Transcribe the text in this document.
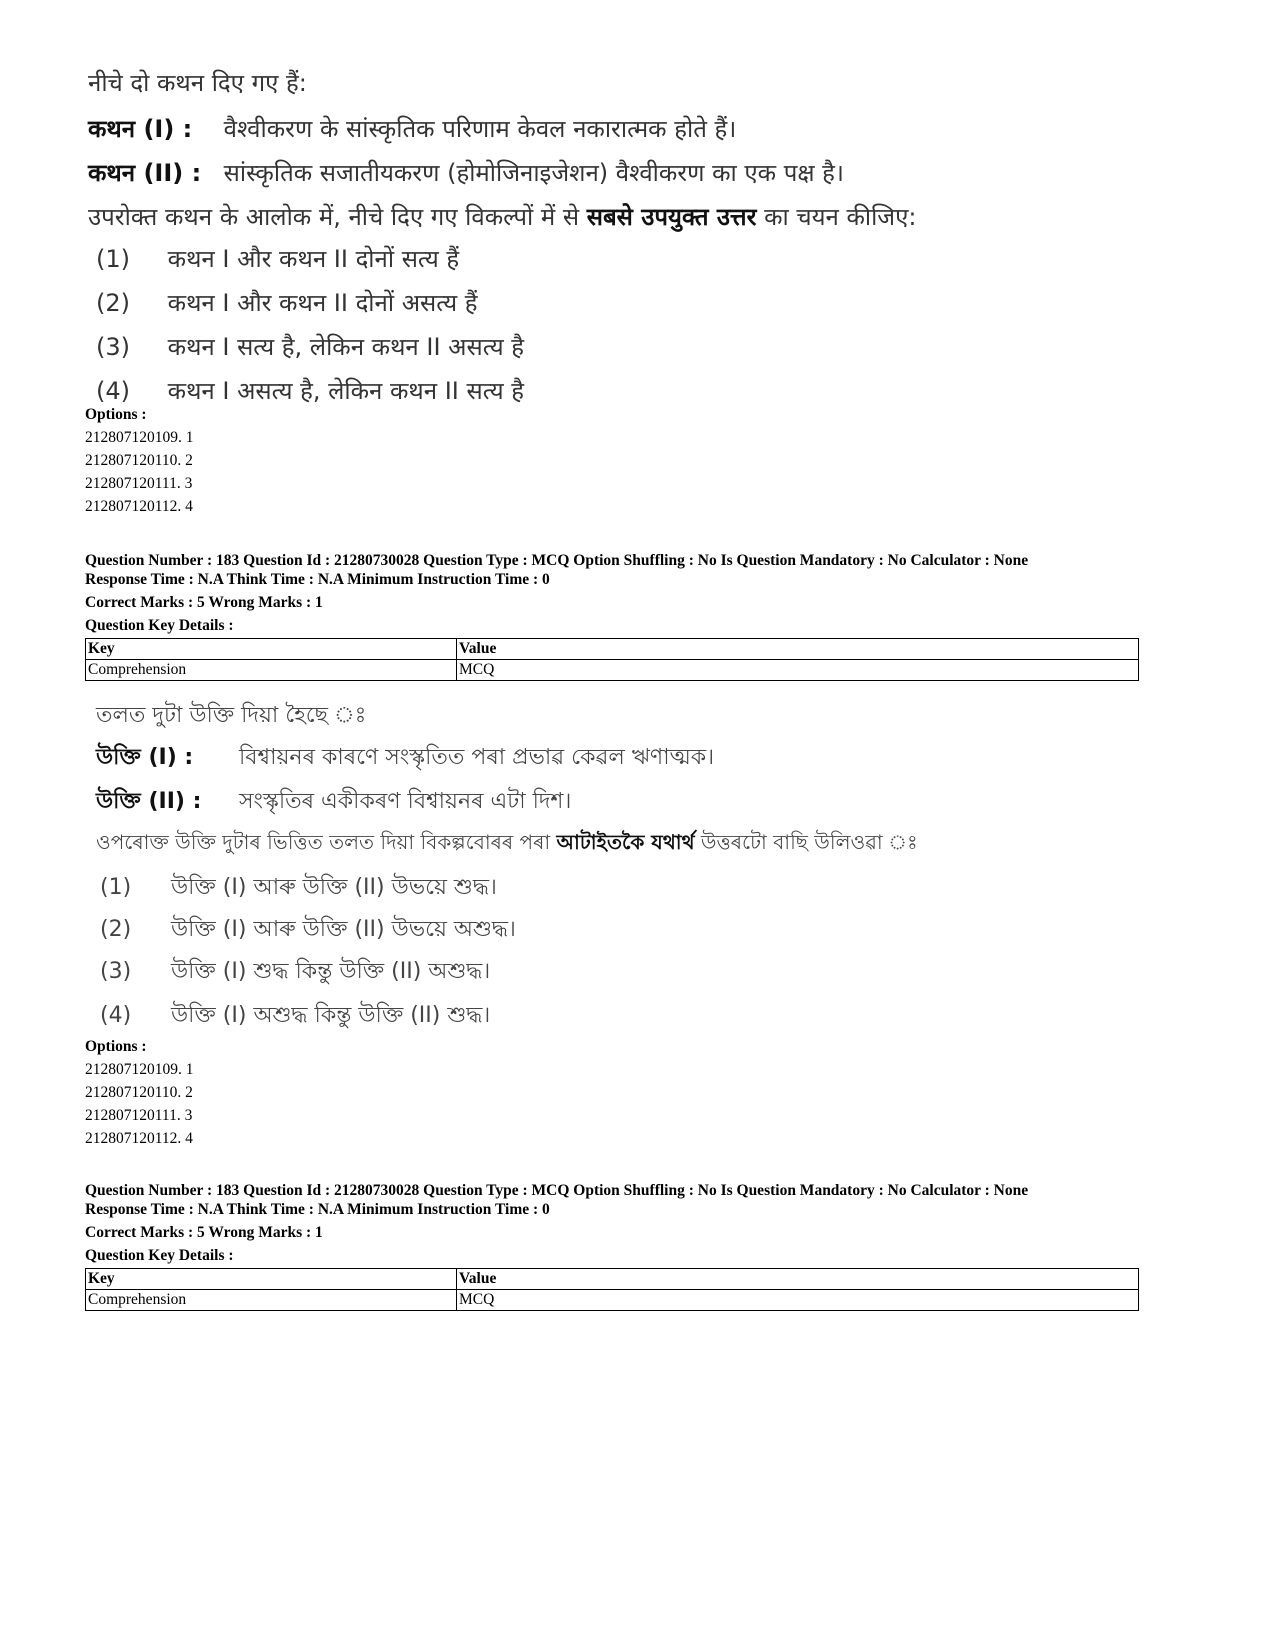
नीचे दो कथन दिए गए हैं:
कथन (I) : वैश्वीकरण के सांस्कृतिक परिणाम केवल नकारात्मक होते हैं।
कथन (II) : सांस्कृतिक सजातीयकरण (होमोजिनाइजेशन) वैश्वीकरण का एक पक्ष है।
उपरोक्त कथन के आलोक में, नीचे दिए गए विकल्पों में से सबसे उपयुक्त उत्तर का चयन कीजिए:
(1) कथन I और कथन II दोनों सत्य हैं
(2) कथन I और कथन II दोनों असत्य हैं
(3) कथन I सत्य है, लेकिन कथन II असत्य है
(4) कथन I असत्य है, लेकिन कथन II सत्य है
Options :
212807120109. 1
212807120110. 2
212807120111. 3
212807120112. 4
Question Number : 183 Question Id : 21280730028 Question Type : MCQ Option Shuffling : No Is Question Mandatory : No Calculator : None
Response Time : N.A Think Time : N.A Minimum Instruction Time : 0
Correct Marks : 5 Wrong Marks : 1
Question Key Details :
Key	Value
Comprehension	MCQ
তলত দুটা উক্তি দিয়া হৈছে ঃ
উক্তি (I) : বিশ্বায়নৰ কাৰণে সংস্কৃতিত পৰা প্ৰভাৱ কেৱল ঋণাত্মক।
উক্তি (II) : সংস্কৃতিৰ একীকৰণ বিশ্বায়নৰ এটা দিশ।
ওপৰোক্ত উক্তি দুটাৰ ভিত্তিত তলত দিয়া বিকল্পবোৰৰ পৰা আটাইতকৈ যথাৰ্থ উত্তৰটো বাছি উলিওৱা ঃ
(1) উক্তি (I) আৰু উক্তি (II) উভয়ে শুদ্ধ।
(2) উক্তি (I) আৰু উক্তি (II) উভয়ে অশুদ্ধ।
(3) উক্তি (I) শুদ্ধ কিন্তু উক্তি (II) অশুদ্ধ।
(4) উক্তি (I) অশুদ্ধ কিন্তু উক্তি (II) শুদ্ধ।
Options :
212807120109. 1
212807120110. 2
212807120111. 3
212807120112. 4
Question Number : 183 Question Id : 21280730028 Question Type : MCQ Option Shuffling : No Is Question Mandatory : No Calculator : None
Response Time : N.A Think Time : N.A Minimum Instruction Time : 0
Correct Marks : 5 Wrong Marks : 1
Question Key Details :
Key	Value
Comprehension	MCQ
